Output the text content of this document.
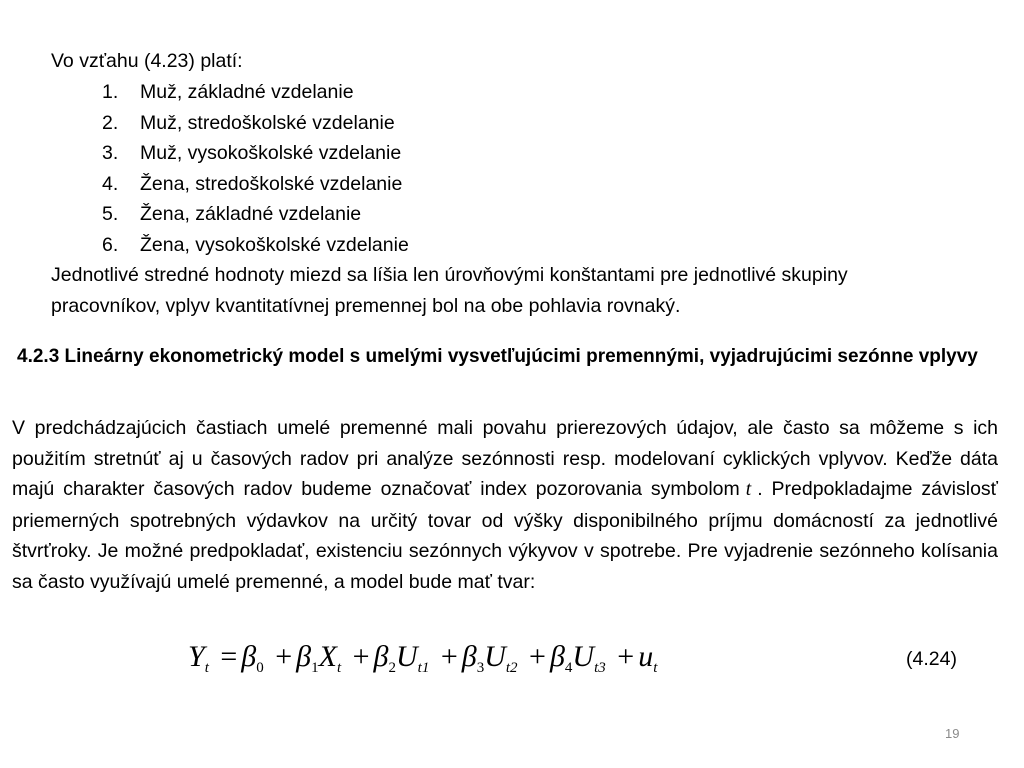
Vo vzťahu (4.23) platí:
1.	Muž, základné vzdelanie
2.	Muž, stredoškolské vzdelanie
3.	Muž, vysokoškolské vzdelanie
4.	Žena, stredoškolské vzdelanie
5.	Žena, základné vzdelanie
6.	Žena, vysokoškolské vzdelanie
Jednotlivé stredné hodnoty miezd sa líšia len úrovňovými konštantami pre jednotlivé skupiny pracovníkov, vplyv kvantitatívnej premennej bol na obe pohlavia rovnaký.
4.2.3 Lineárny ekonometrický model s umelými vysvetľujúcimi premennými, vyjadrujúcimi sezónne vplyvy
V predchádzajúcich častiach umelé premenné mali povahu prierezových údajov, ale často sa môžeme s ich použitím stretnúť aj u časových radov pri analýze sezónnosti resp. modelovaní cyklických vplyvov. Keďže dáta majú charakter časových radov budeme označovať index pozorovania symbolom t . Predpokladajme závislosť priemerných spotrebných výdavkov na určitý tovar od výšky disponibilného príjmu domácností za jednotlivé štvrťroky. Je možné predpokladať, existenciu sezónnych výkyvov v spotrebe. Pre vyjadrenie sezónneho kolísania sa často využívajú umelé premenné, a model bude mať tvar:
$Y_t = \beta_0 + \beta_1X_t + \beta_2U_{t1} + \beta_3U_{t2} + \beta_4U_{t3} + u_t$	(4.24)
19
